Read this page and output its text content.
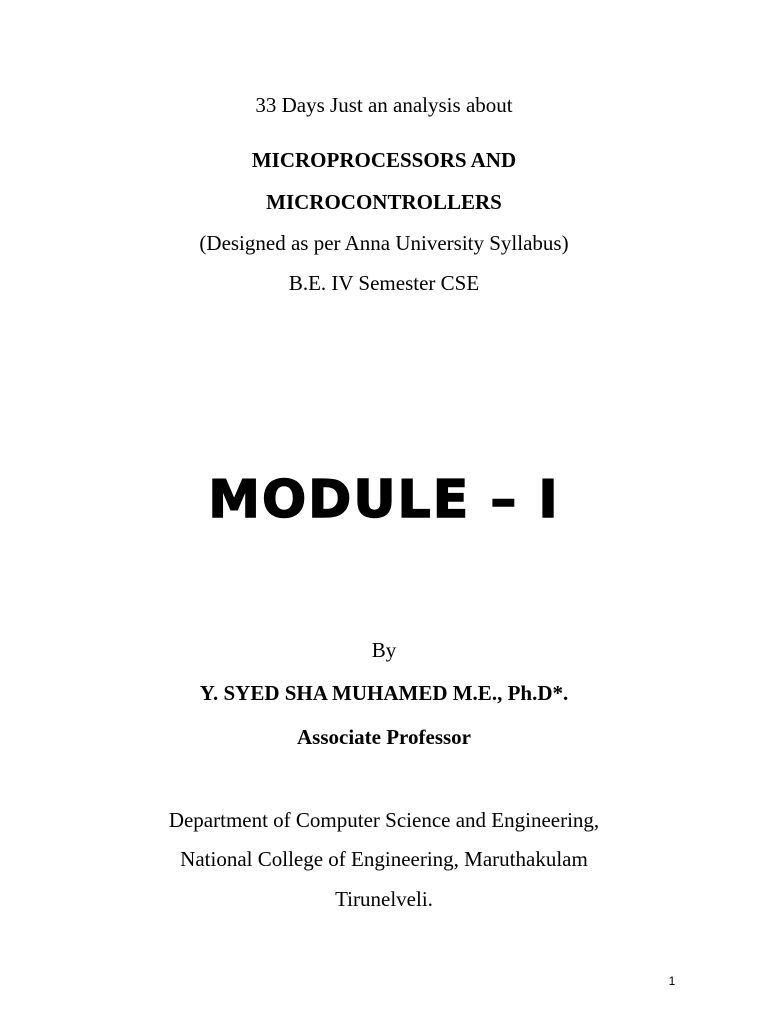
33 Days Just an analysis about
MICROPROCESSORS AND
MICROCONTROLLERS
(Designed as per Anna University Syllabus)
B.E. IV Semester CSE
MODULE – I
By
Y. SYED SHA MUHAMED M.E., Ph.D*.
Associate Professor
Department of Computer Science and Engineering,
National College of Engineering, Maruthakulam
Tirunelveli.
1
